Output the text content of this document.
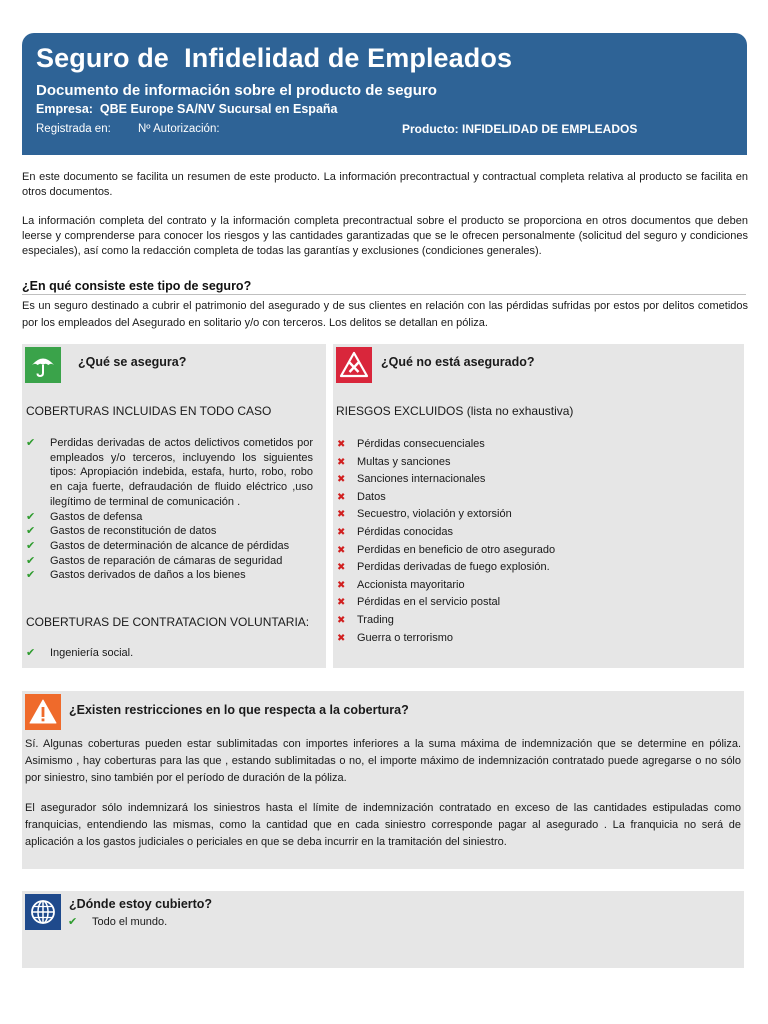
Seguro de  Infidelidad de Empleados
Documento de información sobre el producto de seguro
Empresa:  QBE Europe SA/NV Sucursal en España
Registrada en: Nº Autorización:	Producto: INFIDELIDAD DE EMPLEADOS
En este documento se facilita un resumen de este producto. La información precontractual y contractual completa relativa al producto se facilita en otros documentos.
La información completa del contrato y la información completa precontractual sobre el producto se proporciona en otros documentos que deben leerse y comprenderse para conocer los riesgos y las cantidades garantizadas que se le ofrecen personalmente (solicitud del seguro y condiciones especiales), así como la redacción completa de todas las garantías y exclusiones (condiciones generales).
¿En qué consiste este tipo de seguro?
Es un seguro destinado a cubrir el patrimonio del asegurado y de sus clientes en relación con las pérdidas sufridas por estos por delitos cometidos por los empleados del Asegurado en solitario y/o con terceros. Los delitos se detallan en póliza.
¿Qué se asegura?
COBERTURAS INCLUIDAS EN TODO CASO
✔ Perdidas derivadas de actos delictivos cometidos por empleados y/o terceros, incluyendo los siguientes tipos: Apropiación indebida, estafa, hurto, robo, robo en caja fuerte, defraudación de fluido eléctrico ,uso ilegítimo de terminal de comunicación .
✔ Gastos de defensa
✔ Gastos de reconstitución de datos
✔ Gastos de determinación de alcance de pérdidas
✔ Gastos de reparación de cámaras de seguridad
✔ Gastos derivados de daños a los bienes
COBERTURAS DE CONTRATACION VOLUNTARIA:
✔ Ingeniería social.
¿Qué no está asegurado?
RIESGOS EXCLUIDOS (lista no exhaustiva)
✖ Pérdidas consecuenciales
✖ Multas y sanciones
✖ Sanciones internacionales
✖ Datos
✖ Secuestro, violación y extorsión
✖ Pérdidas conocidas
✖ Perdidas en beneficio de otro asegurado
✖ Perdidas derivadas de fuego explosión.
✖ Accionista mayoritario
✖ Pérdidas en el servicio postal
✖ Trading
✖ Guerra o terrorismo
¿Existen restricciones en lo que respecta a la cobertura?
Sí. Algunas coberturas pueden estar sublimitadas con importes inferiores a la suma máxima de indemnización que se determine en póliza. Asimismo , hay coberturas para las que , estando sublimitadas o no, el importe máximo de indemnización contratado puede agregarse o no sólo por siniestro, sino también por el período de duración de la póliza.
El asegurador sólo indemnizará los siniestros hasta el límite de indemnización contratado en exceso de las cantidades estipuladas como franquicias, entendiendo las mismas, como la cantidad que en cada siniestro corresponde pagar al asegurado . La franquicia no será de aplicación a los gastos judiciales o periciales en que se deba incurrir en la tramitación del siniestro.
¿Dónde estoy cubierto?
✔ Todo el mundo.
